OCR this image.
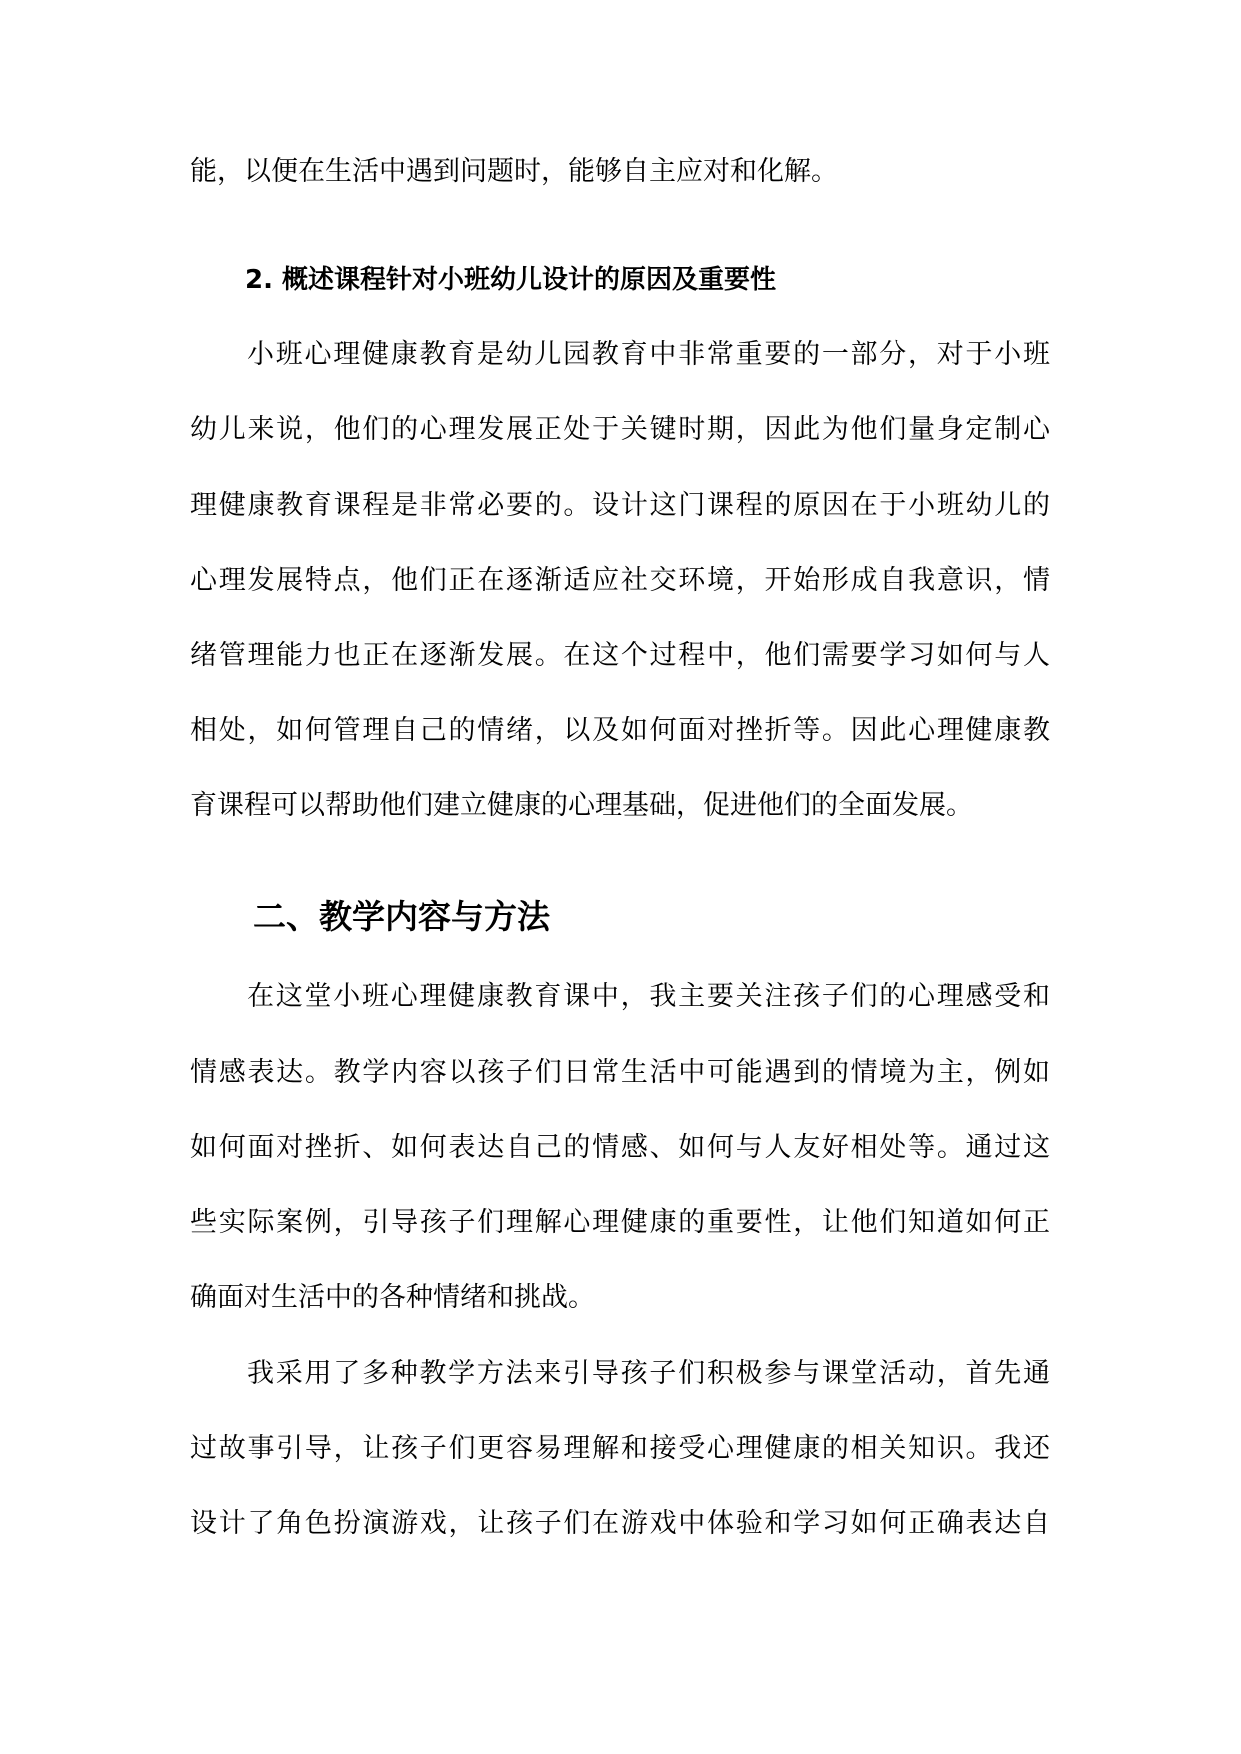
能，以便在生活中遇到问题时，能够自主应对和化解。
2. 概述课程针对小班幼儿设计的原因及重要性
小班心理健康教育是幼儿园教育中非常重要的一部分，对于小班
幼儿来说，他们的心理发展正处于关键时期，因此为他们量身定制心
理健康教育课程是非常必要的。设计这门课程的原因在于小班幼儿的
心理发展特点，他们正在逐渐适应社交环境，开始形成自我意识，情
绪管理能力也正在逐渐发展。在这个过程中，他们需要学习如何与人
相处，如何管理自己的情绪，以及如何面对挫折等。因此心理健康教
育课程可以帮助他们建立健康的心理基础，促进他们的全面发展。
二、教学内容与方法
在这堂小班心理健康教育课中，我主要关注孩子们的心理感受和
情感表达。教学内容以孩子们日常生活中可能遇到的情境为主，例如
如何面对挫折、如何表达自己的情感、如何与人友好相处等。通过这
些实际案例，引导孩子们理解心理健康的重要性，让他们知道如何正
确面对生活中的各种情绪和挑战。
我采用了多种教学方法来引导孩子们积极参与课堂活动，首先通
过故事引导，让孩子们更容易理解和接受心理健康的相关知识。我还
设计了角色扮演游戏，让孩子们在游戏中体验和学习如何正确表达自
